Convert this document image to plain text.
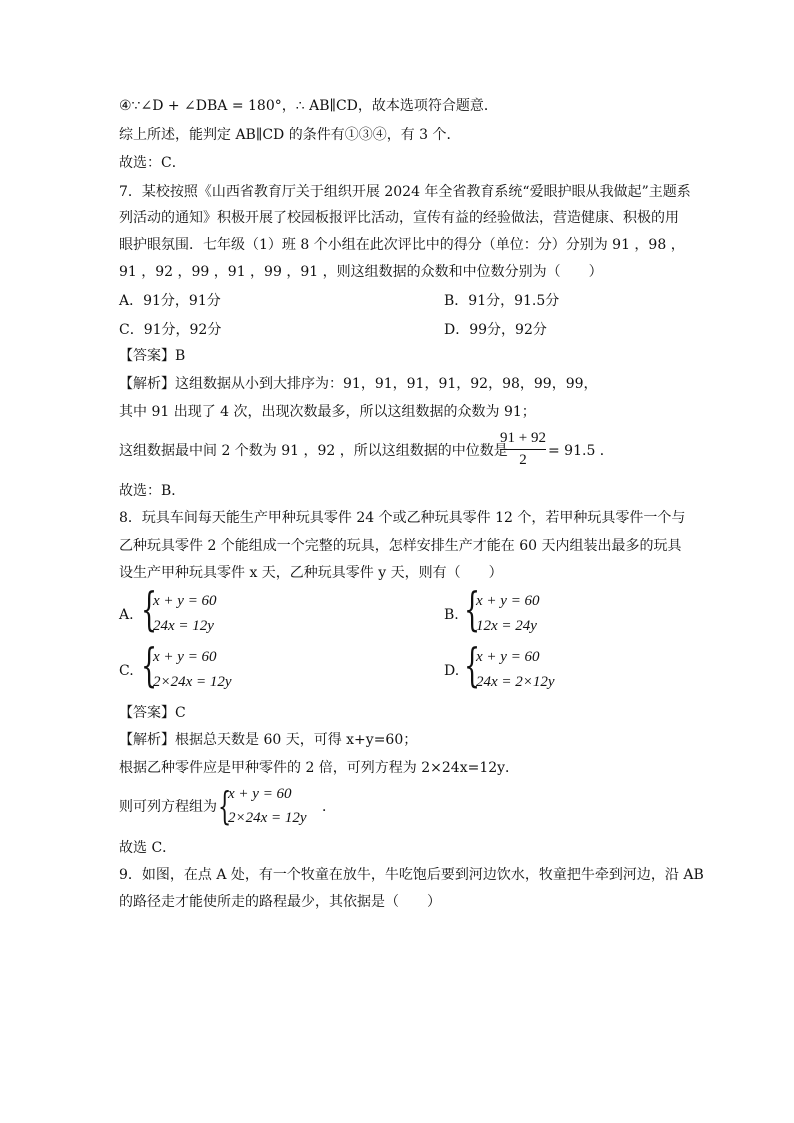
④∵∠D + ∠DBA = 180°，∴ AB∥CD，故本选项符合题意．
综上所述，能判定 AB∥CD 的条件有①③④，有 3 个．
故选：C．
7．某校按照《山西省教育厅关于组织开展 2024 年全省教育系统“爱眼护眼从我做起”主题系
列活动的通知》积极开展了校园板报评比活动，宣传有益的经验做法，营造健康、积极的用
眼护眼氛围．七年级（1）班 8 个小组在此次评比中的得分（单位：分）分别为 91 ，98 ，
91 ，92 ，99 ，91 ，99 ，91 ，则这组数据的众数和中位数分别为（　　）
A．91分，91分	B．91分，91.5分
C．91分，92分	D．99分，92分
【答案】B
【解析】这组数据从小到大排序为：91，91，91，91，92，98，99，99，
其中 91 出现了 4 次，出现次数最多，所以这组数据的众数为 91；
这组数据最中间 2 个数为 91 ，92 ，所以这组数据的中位数是
91 + 92
2
= 91.5 ．
故选：B．
8．玩具车间每天能生产甲种玩具零件 24 个或乙种玩具零件 12 个，若甲种玩具零件一个与
乙种玩具零件 2 个能组成一个完整的玩具，怎样安排生产才能在 60 天内组装出最多的玩具
设生产甲种玩具零件 x 天，乙种玩具零件 y 天，则有（　　）
A. {
x + y = 60
24x = 12y
B. {
x + y = 60
12x = 24y
C. {
x + y = 60
2×24x = 12y
D. {
x + y = 60
24x = 2×12y
【答案】C
【解析】根据总天数是 60 天，可得 x+y=60；
根据乙种零件应是甲种零件的 2 倍，可列方程为 2×24x=12y．
则可列方程组为 {
x + y = 60
2×24x = 12y
．
故选 C．
9．如图，在点 A 处，有一个牧童在放牛，牛吃饱后要到河边饮水，牧童把牛牵到河边，沿 AB
的路径走才能使所走的路程最少，其依据是（　　）
